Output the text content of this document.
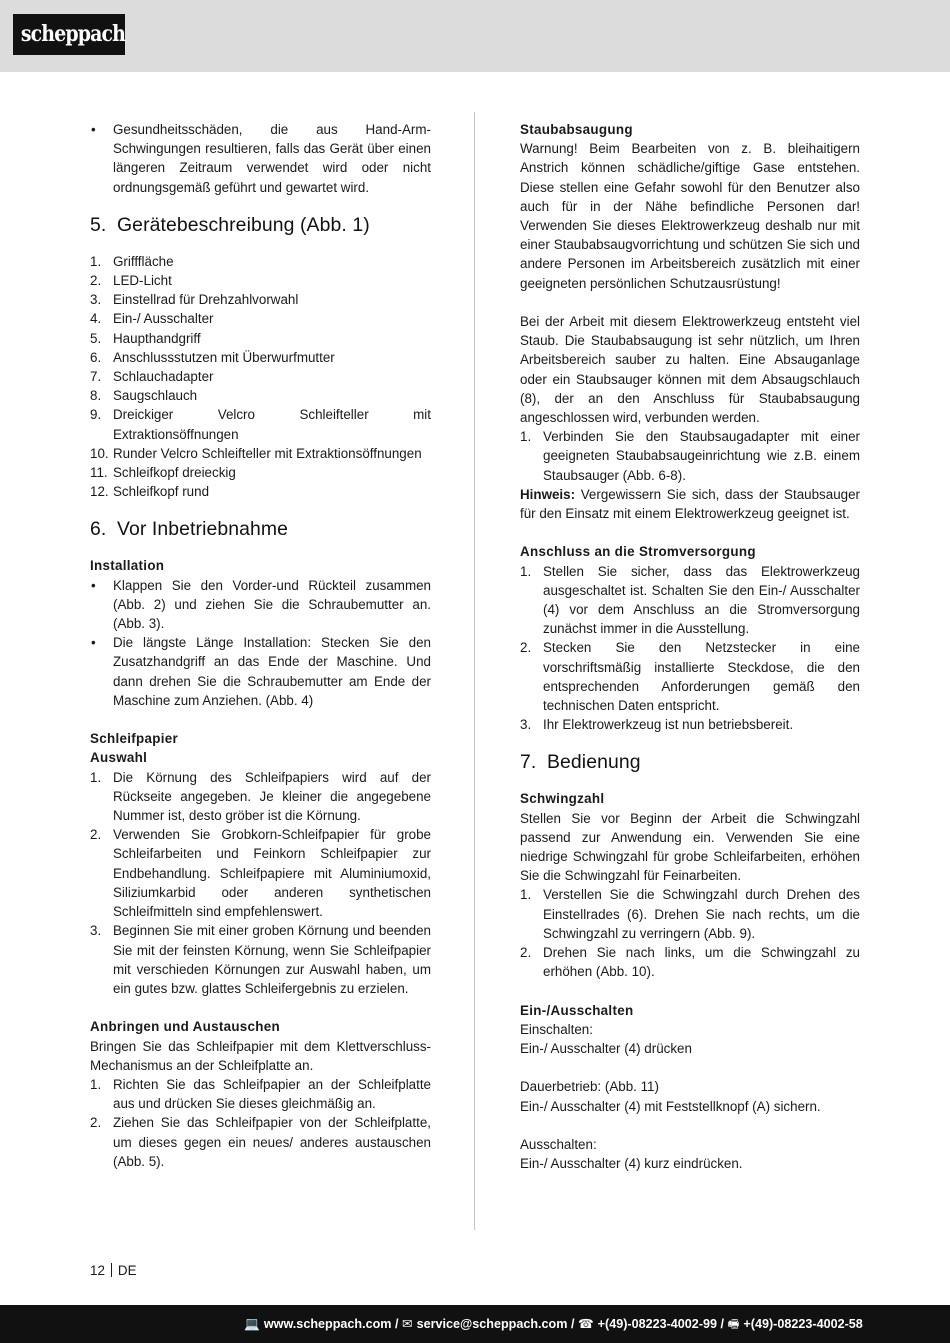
scheppach
• Gesundheitsschäden, die aus Hand-Arm- Schwingungen resultieren, falls das Gerät über einen längeren Zeitraum verwendet wird oder nicht ordnungsgemäß geführt und gewartet wird.
5. Gerätebeschreibung (Abb. 1)
1. Grifffläche
2. LED-Licht
3. Einstellrad für Drehzahlvorwahl
4. Ein-/ Ausschalter
5. Haupthandgriff
6. Anschlussstutzen mit Überwurfmutter
7. Schlauchadapter
8. Saugschlauch
9. Dreickiger Velcro Schleifteller mit Extraktionsöffnungen
10. Runder Velcro Schleifteller mit Extraktionsöffnungen
11. Schleifkopf dreieckig
12. Schleifkopf rund
6. Vor Inbetriebnahme

Installation

• Klappen Sie den Vorder-und Rückteil zusammen (Abb. 2) und ziehen Sie die Schraubemutter an. (Abb. 3).
• Die längste Länge Installation: Stecken Sie den Zusatzhandgriff an das Ende der Maschine. Und dann drehen Sie die Schraubemutter am Ende der Maschine zum Anziehen. (Abb. 4)

Schleifpapier

Auswahl

1. Die Körnung des Schleifpapiers wird auf der Rückseite angegeben. Je kleiner die angegebene Nummer ist, desto gröber ist die Körnung.
2. Verwenden Sie Grobkorn-Schleifpapier für grobe Schleifarbeiten und Feinkorn Schleifpapier zur Endbehandlung. Schleifpapiere mit Aluminiumoxid, Siliziumkarbid oder anderen synthetischen Schleifmitteln sind empfehlenswert.
3. Beginnen Sie mit einer groben Körnung und beenden Sie mit der feinsten Körnung, wenn Sie Schleifpapier mit verschieden Körnungen zur Auswahl haben, um ein gutes bzw. glattes Schleifergebnis zu erzielen.

Anbringen und Austauschen

Bringen Sie das Schleifpapier mit dem Klettverschluss-Mechanismus an der Schleifplatte an.

1. Richten Sie das Schleifpapier an der Schleifplatte aus und drücken Sie dieses gleichmäßig an.
2. Ziehen Sie das Schleifpapier von der Schleifplatte, um dieses gegen ein neues/ anderes austauschen (Abb. 5).

Staubabsaugung

Warnung! Beim Bearbeiten von z. B. bleihaitigern Anstrich können schädliche/giftige Gase entstehen. Diese stellen eine Gefahr sowohl für den Benutzer also auch für in der Nähe befindliche Personen dar! Verwenden Sie dieses Elektrowerkzeug deshalb nur mit einer Staubabsaugvorrichtung und schützen Sie sich und andere Personen im Arbeitsbereich zusätzlich mit einer geeigneten persönlichen Schutzausrüstung!

Bei der Arbeit mit diesem Elektrowerkzeug entsteht viel Staub. Die Staubabsaugung ist sehr nützlich, um Ihren Arbeitsbereich sauber zu halten. Eine Absauganlage oder ein Staubsauger können mit dem Absaugschlauch (8), der an den Anschluss für Staubabsaugung angeschlossen wird, verbunden werden.

1. Verbinden Sie den Staubsaugadapter mit einer geeigneten Staubabsaugeinrichtung wie z.B. einem Staubsauger (Abb. 6-8).

Hinweis: Vergewissern Sie sich, dass der Staubsauger für den Einsatz mit einem Elektrowerkzeug geeignet ist.

Anschluss an die Stromversorgung

1. Stellen Sie sicher, dass das Elektrowerkzeug ausgeschaltet ist. Schalten Sie den Ein-/ Ausschalter (4) vor dem Anschluss an die Stromversorgung zunächst immer in die Ausstellung.
2. Stecken Sie den Netzstecker in eine vorschriftsmäßig installierte Steckdose, die den entsprechenden Anforderungen gemäß den technischen Daten entspricht.
3. Ihr Elektrowerkzeug ist nun betriebsbereit.
7. Bedienung

Schwingzahl

Stellen Sie vor Beginn der Arbeit die Schwingzahl passend zur Anwendung ein. Verwenden Sie eine niedrige Schwingzahl für grobe Schleifarbeiten, erhöhen Sie die Schwingzahl für Feinarbeiten.

1. Verstellen Sie die Schwingzahl durch Drehen des Einstellrades (6). Drehen Sie nach rechts, um die Schwingzahl zu verringern (Abb. 9).
2. Drehen Sie nach links, um die Schwingzahl zu erhöhen (Abb. 10).

Ein-/Ausschalten

Einschalten:

Ein-/ Ausschalter (4) drücken

Dauerbetrieb: (Abb. 11)

Ein-/ Ausschalter (4) mit Feststellknopf (A) sichern.

Ausschalten:

Ein-/ Ausschalter (4) kurz eindrücken.

12 DE
💻 www.scheppach.com / ✉ service@scheppach.com / ☎ +(49)-08223-4002-99 / 🖷 +(49)-08223-4002-58
